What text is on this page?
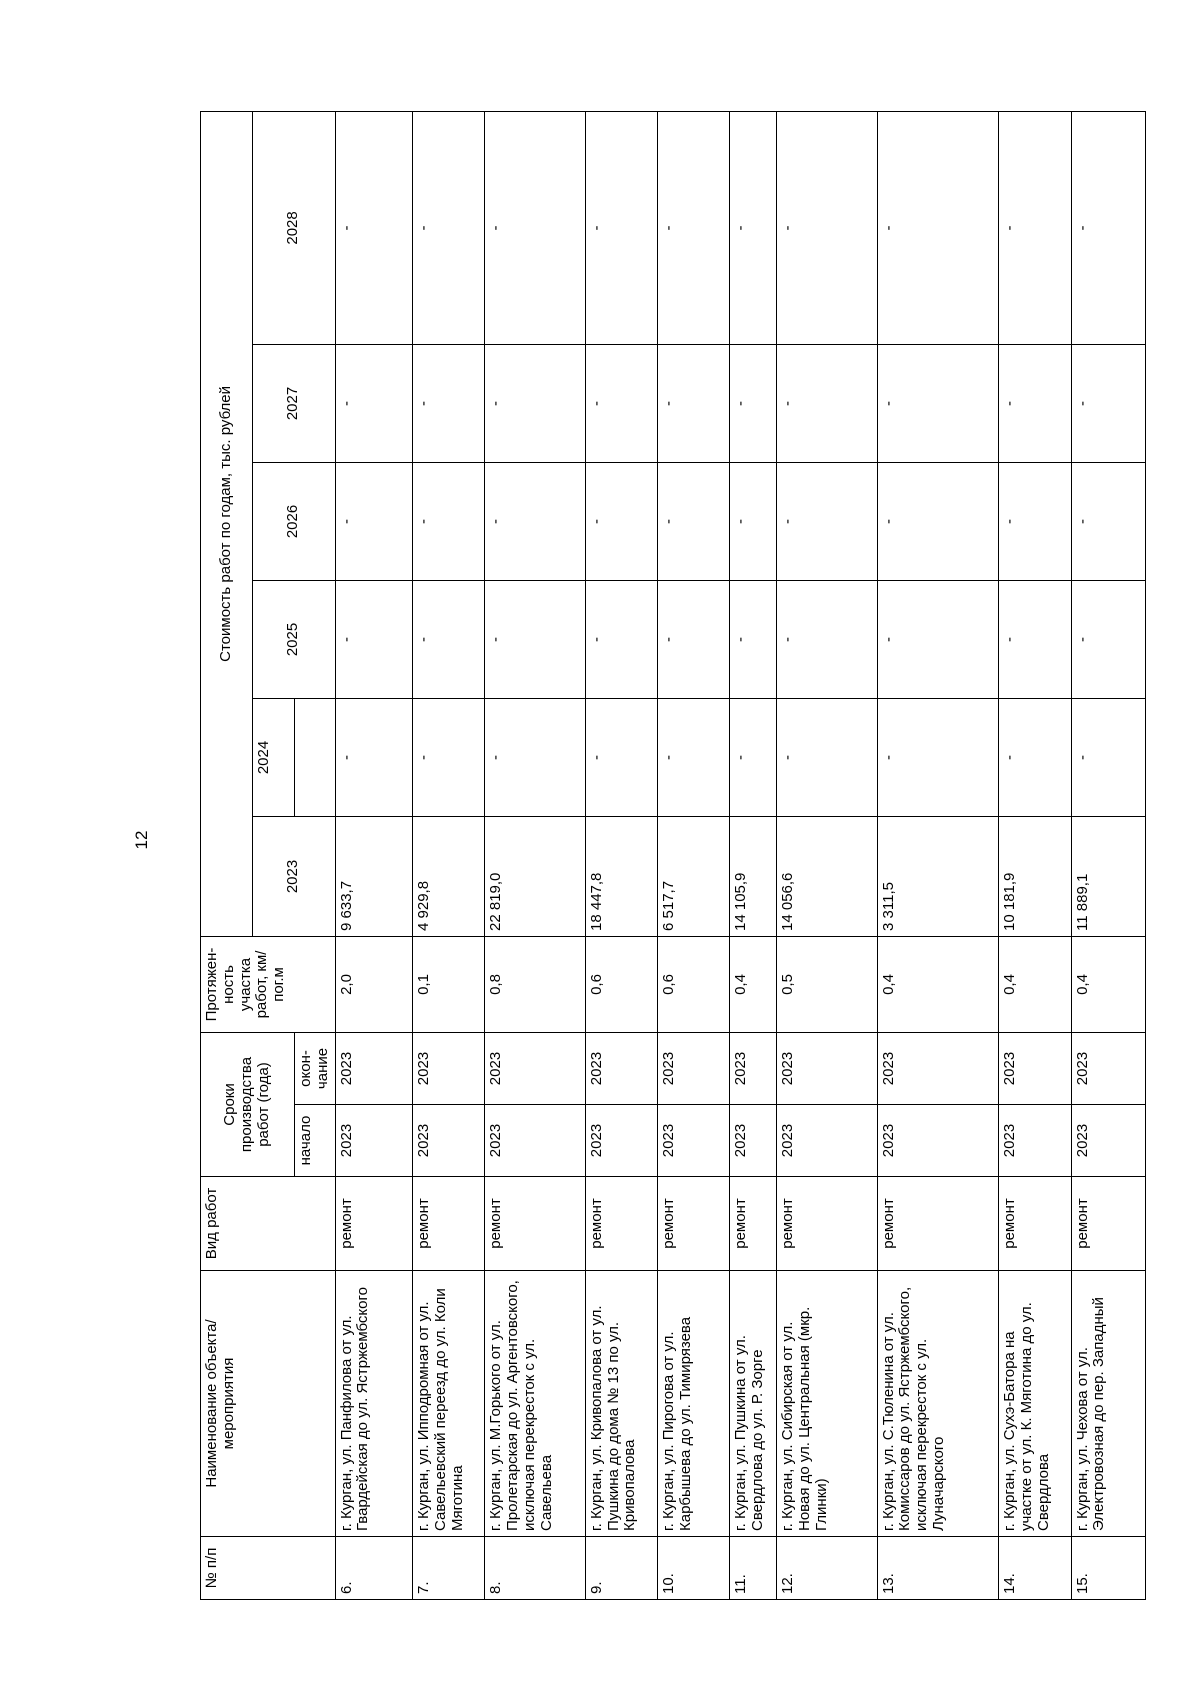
12
№ п/п	Наименование объекта/ мероприятия	Вид работ	Сроки производства работ (года)		Протяжен-ность участка работ, км/пог.м	Стоимость работ по годам, тыс. рублей					
						2023	2024	2025	2026	2027	2028
			начало	окон-чание							
6.	г. Курган, ул. Панфилова от ул. Гвардейская до ул. Ястржембского	ремонт	2023	2023	2,0	9 633,7	-	-	-	-	-
7.	г. Курган, ул. Ипподромная от ул. Савельевский переезд до ул. Коли Мяготина	ремонт	2023	2023	0,1	4 929,8	-	-	-	-	-
8.	г. Курган, ул. М.Горького от ул. Пролетарская до ул. Аргентовского, исключая перекресток с ул. Савельева	ремонт	2023	2023	0,8	22 819,0	-	-	-	-	-
9.	г. Курган, ул. Кривопалова от ул. Пушкина до дома № 13 по ул. Кривопалова	ремонт	2023	2023	0,6	18 447,8	-	-	-	-	-
10.	г. Курган, ул. Пирогова от ул. Карбышева до ул. Тимирязева	ремонт	2023	2023	0,6	6 517,7	-	-	-	-	-
11.	г. Курган, ул. Пушкина от ул. Свердлова до ул. Р. Зорге	ремонт	2023	2023	0,4	14 105,9	-	-	-	-	-
12.	г. Курган, ул. Сибирская от ул. Новая до ул. Центральная (мкр. Глинки)	ремонт	2023	2023	0,5	14 056,6	-	-	-	-	-
13.	г. Курган, ул. С.Тюленина от ул. Комиссаров до ул. Ястржембского, исключая перекресток с ул. Луначарского	ремонт	2023	2023	0,4	3 311,5	-	-	-	-	-
14.	г. Курган, ул. Сухэ-Батора на участке от ул. К. Мяготина до ул. Свердлова	ремонт	2023	2023	0,4	10 181,9	-	-	-	-	-
15.	г. Курган, ул. Чехова от ул. Электровозная до пер. Западный	ремонт	2023	2023	0,4	11 889,1	-	-	-	-	-
